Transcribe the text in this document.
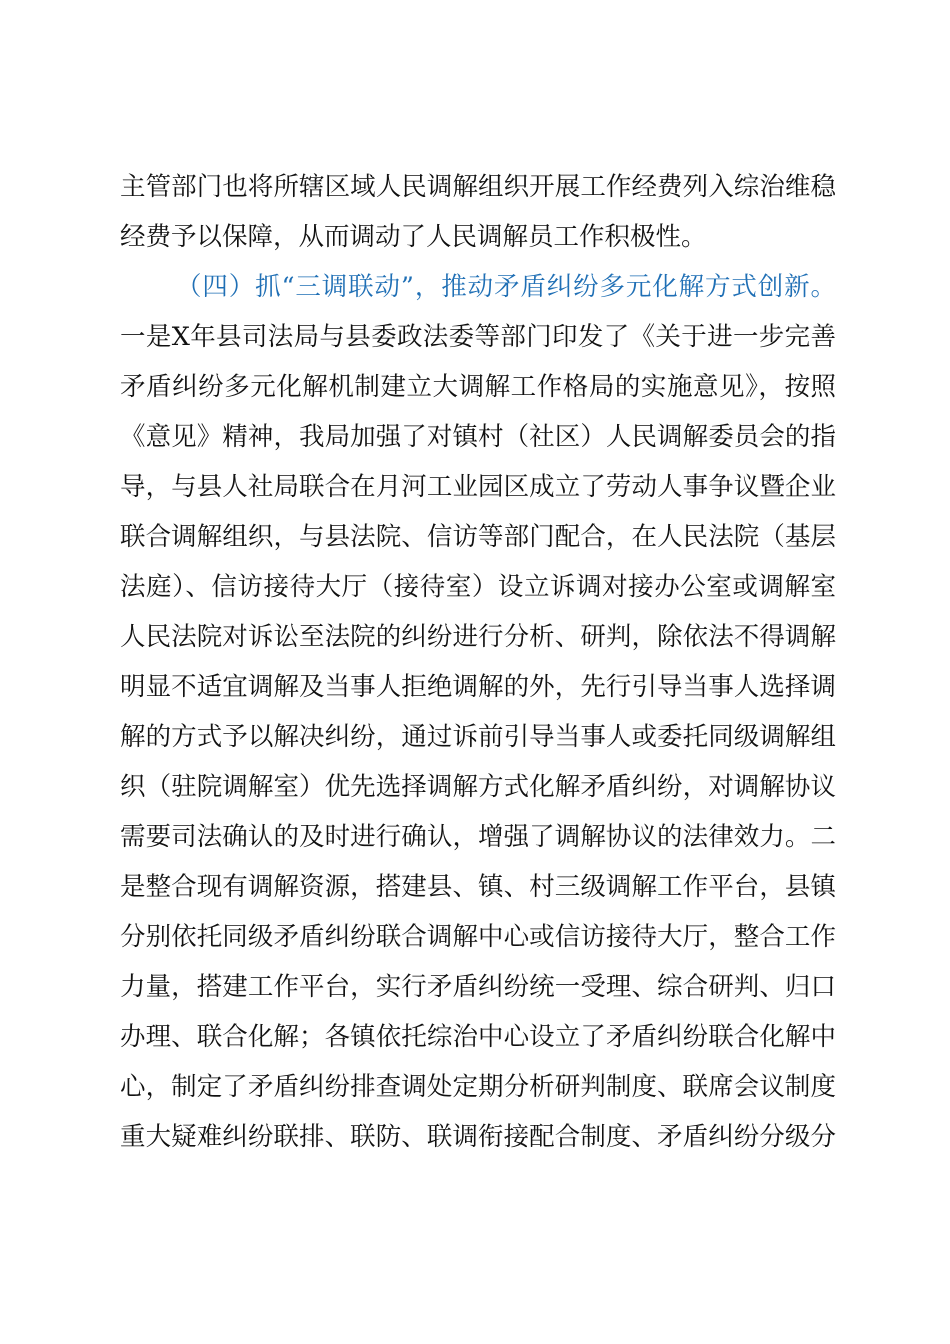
主管部门也将所辖区域人民调解组织开展工作经费列入综治维稳
经费予以保障，从而调动了人民调解员工作积极性。
（四）抓“三调联动”，推动矛盾纠纷多元化解方式创新。
一是X年县司法局与县委政法委等部门印发了《关于进一步完善
矛盾纠纷多元化解机制建立大调解工作格局的实施意见》，按照
《意见》精神，我局加强了对镇村（社区）人民调解委员会的指
导，与县人社局联合在月河工业园区成立了劳动人事争议暨企业
联合调解组织，与县法院、信访等部门配合，在人民法院（基层
法庭）、信访接待大厅（接待室）设立诉调对接办公室或调解室
人民法院对诉讼至法院的纠纷进行分析、研判，除依法不得调解
明显不适宜调解及当事人拒绝调解的外，先行引导当事人选择调
解的方式予以解决纠纷，通过诉前引导当事人或委托同级调解组
织（驻院调解室）优先选择调解方式化解矛盾纠纷，对调解协议
需要司法确认的及时进行确认，增强了调解协议的法律效力。二
是整合现有调解资源，搭建县、镇、村三级调解工作平台，县镇
分别依托同级矛盾纠纷联合调解中心或信访接待大厅，整合工作
力量，搭建工作平台，实行矛盾纠纷统一受理、综合研判、归口
办理、联合化解；各镇依托综治中心设立了矛盾纠纷联合化解中
心，制定了矛盾纠纷排查调处定期分析研判制度、联席会议制度
重大疑难纠纷联排、联防、联调衔接配合制度、矛盾纠纷分级分
